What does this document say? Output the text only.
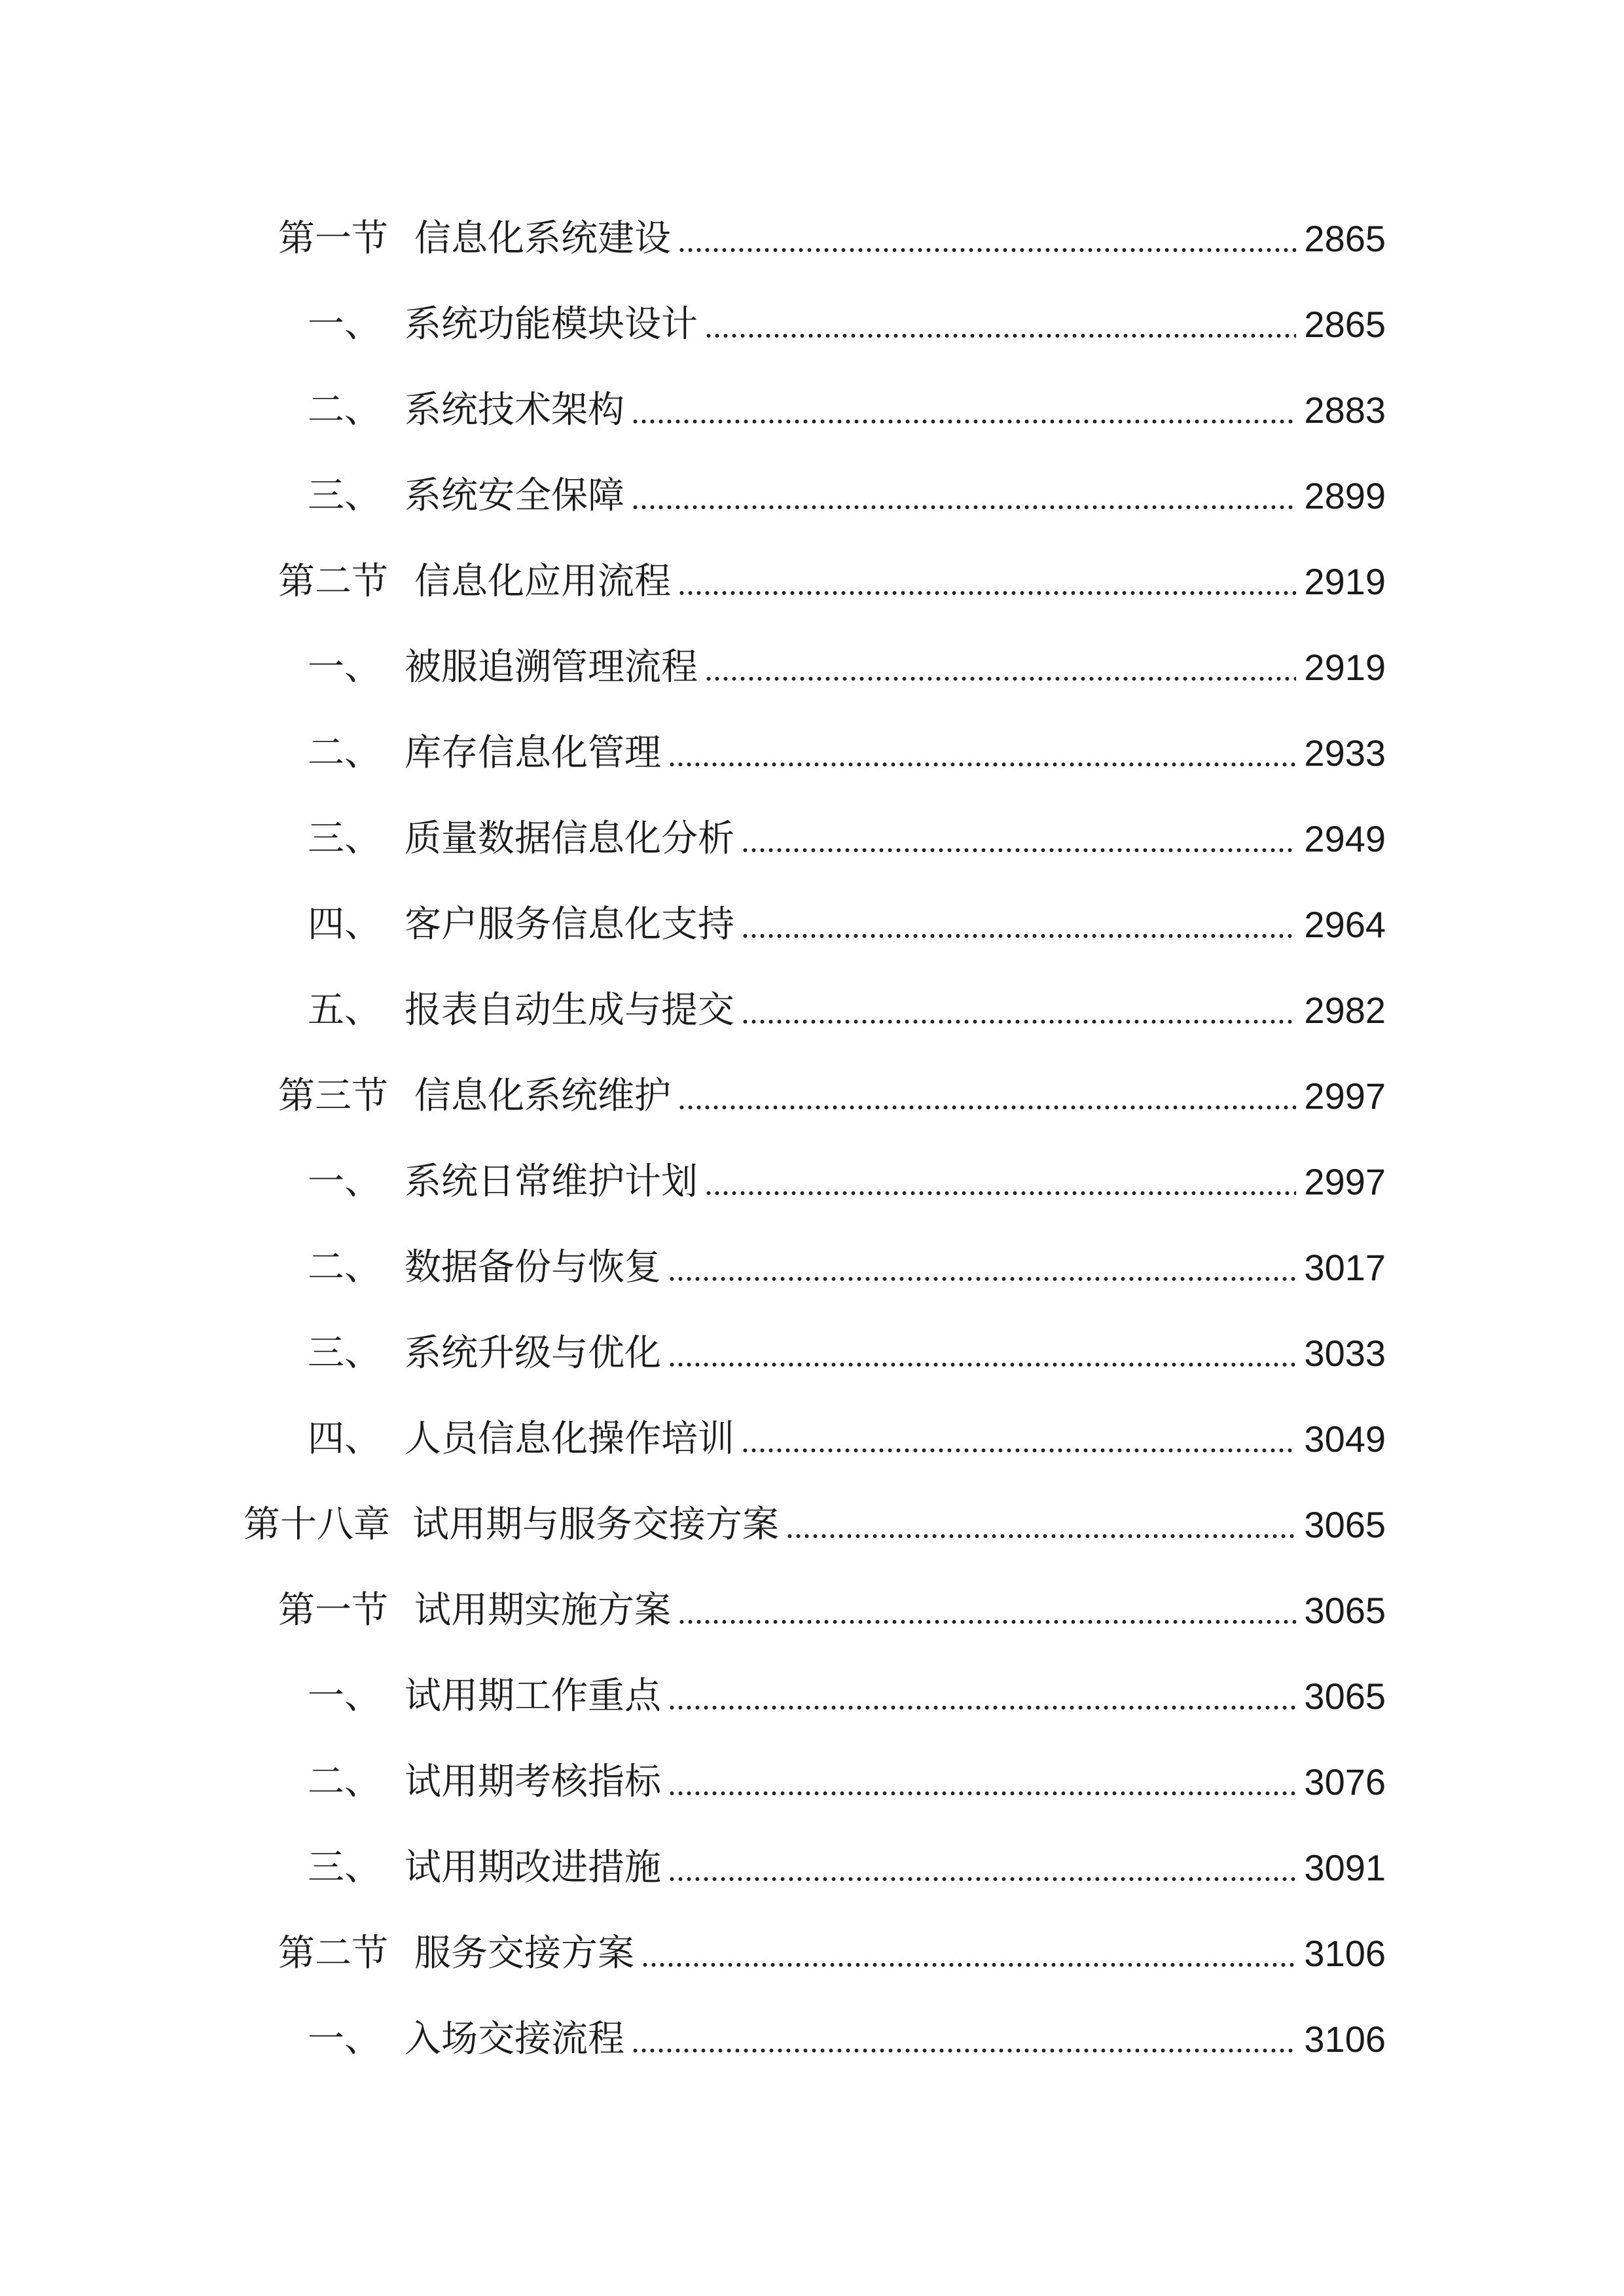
第一节 信息化系统建设	2865
一、 系统功能模块设计	2865
二、 系统技术架构	2883
三、 系统安全保障	2899
第二节 信息化应用流程	2919
一、 被服追溯管理流程	2919
二、 库存信息化管理	2933
三、 质量数据信息化分析	2949
四、 客户服务信息化支持	2964
五、 报表自动生成与提交	2982
第三节 信息化系统维护	2997
一、 系统日常维护计划	2997
二、 数据备份与恢复	3017
三、 系统升级与优化	3033
四、 人员信息化操作培训	3049
第十八章 试用期与服务交接方案	3065
第一节 试用期实施方案	3065
一、 试用期工作重点	3065
二、 试用期考核指标	3076
三、 试用期改进措施	3091
第二节 服务交接方案	3106
一、 入场交接流程	3106
